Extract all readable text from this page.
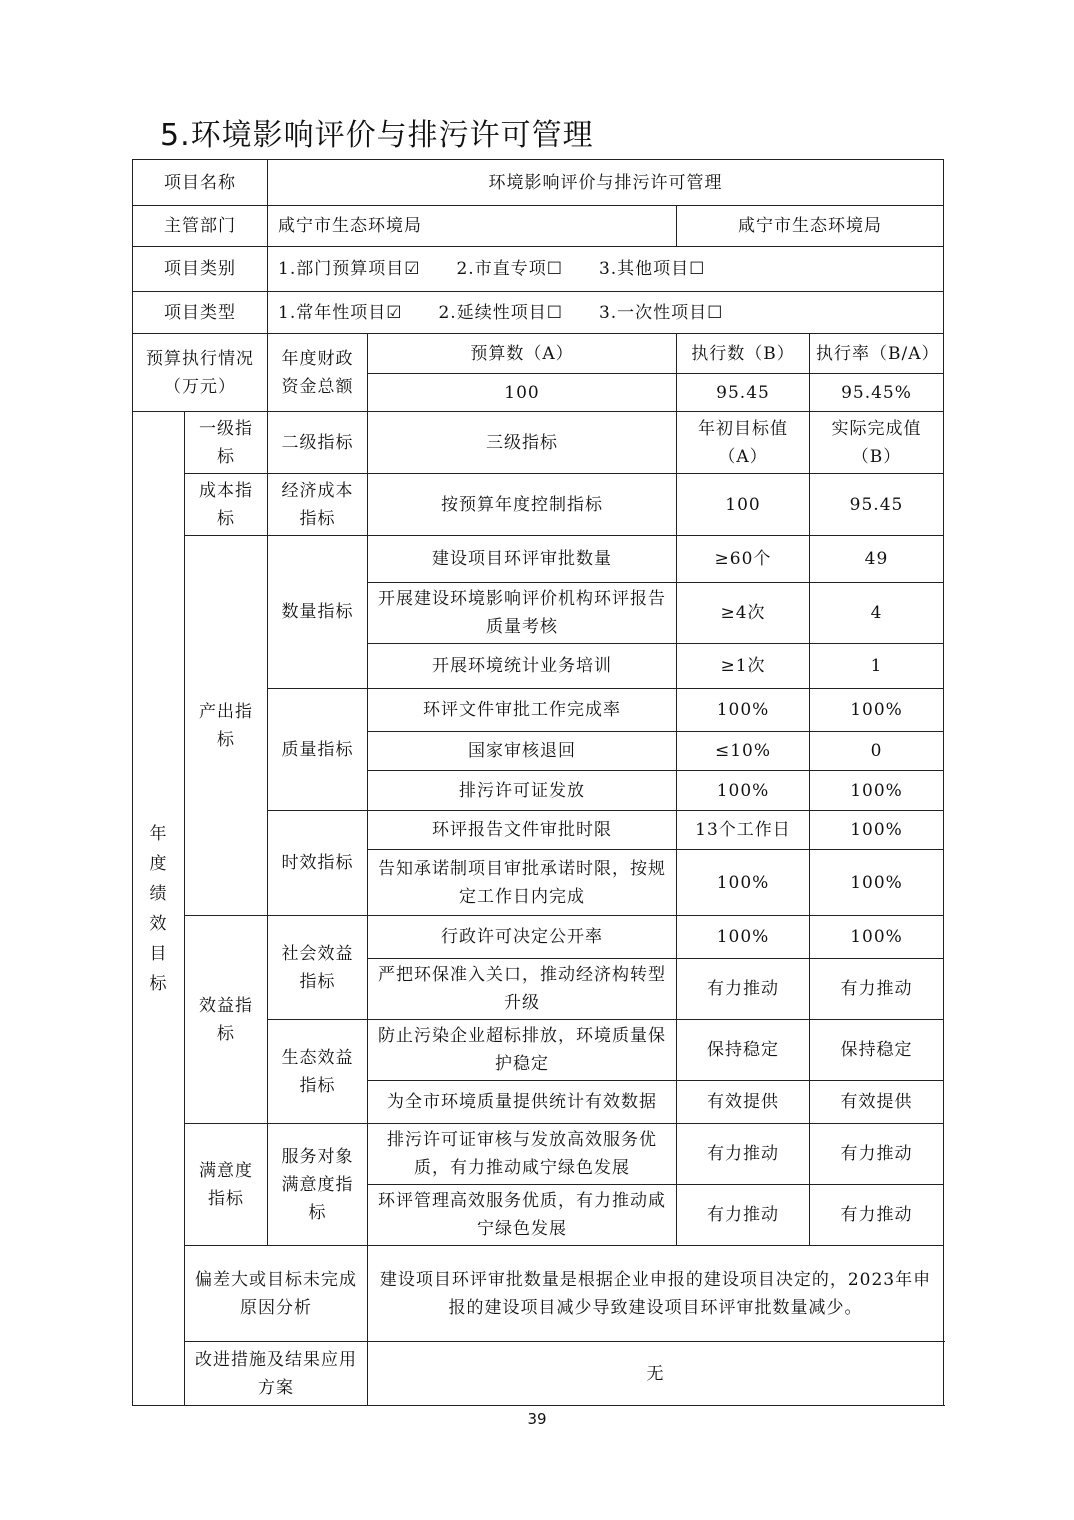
5.环境影响评价与排污许可管理
项目名称		环境影响评价与排污许可管理			
主管部门		咸宁市生态环境局		咸宁市生态环境局	
项目类别		1.部门预算项目☑ 2.市直专项☐ 3.其他项目☐			
项目类型		1.常年性项目☑ 2.延续性项目☐ 3.一次性项目☐			
预算执行情况（万元）		年度财政资金总额	预算数（A）	执行数（B）	执行率（B/A）
			100	95.45	95.45%

年度绩效目标	一级指标	二级指标	三级指标	年初目标值（A）	实际完成值（B）
	成本指标	经济成本指标	按预算年度控制指标	100	95.45
	产出指标	数量指标	建设项目环评审批数量	≥60个	49
			开展建设环境影响评价机构环评报告质量考核	≥4次	4
			开展环境统计业务培训	≥1次	1
		质量指标	环评文件审批工作完成率	100%	100%
			国家审核退回	≤10%	0
			排污许可证发放	100%	100%
		时效指标	环评报告文件审批时限	13个工作日	100%
			告知承诺制项目审批承诺时限，按规定工作日内完成	100%	100%
	效益指标	社会效益指标	行政许可决定公开率	100%	100%
			严把环保准入关口，推动经济构转型升级	有力推动	有力推动
		生态效益指标	防止污染企业超标排放，环境质量保护稳定	保持稳定	保持稳定
			为全市环境质量提供统计有效数据	有效提供	有效提供
	满意度指标	服务对象满意度指标	排污许可证审核与发放高效服务优质，有力推动咸宁绿色发展	有力推动	有力推动
			环评管理高效服务优质，有力推动咸宁绿色发展	有力推动	有力推动
	偏差大或目标未完成原因分析		建设项目环评审批数量是根据企业申报的建设项目决定的，2023年申报的建设项目减少导致建设项目环评审批数量减少。		
	改进措施及结果应用方案		无		
39
